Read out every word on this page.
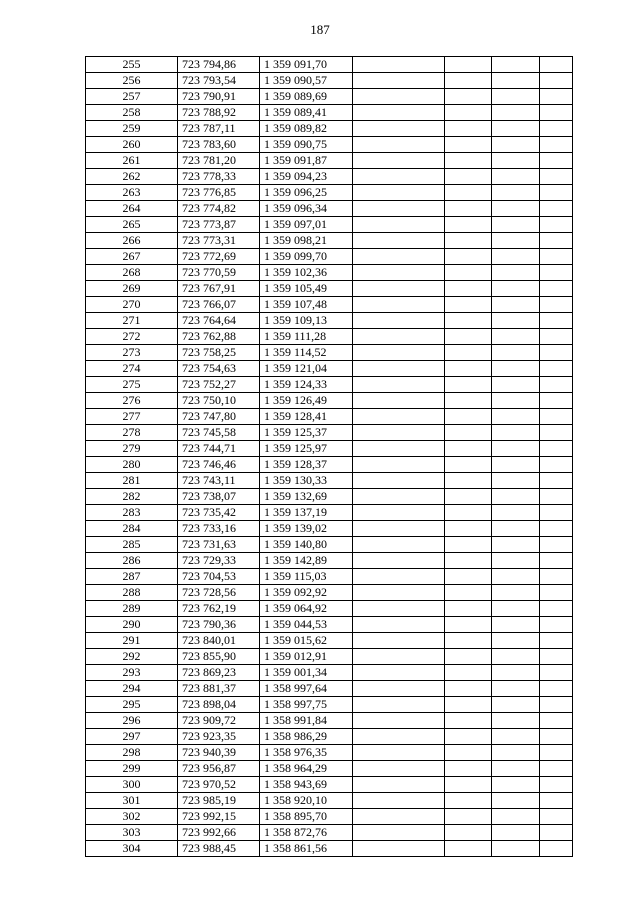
187
255	723 794,86	1 359 091,70				
256	723 793,54	1 359 090,57				
257	723 790,91	1 359 089,69				
258	723 788,92	1 359 089,41				
259	723 787,11	1 359 089,82				
260	723 783,60	1 359 090,75				
261	723 781,20	1 359 091,87				
262	723 778,33	1 359 094,23				
263	723 776,85	1 359 096,25				
264	723 774,82	1 359 096,34				
265	723 773,87	1 359 097,01				
266	723 773,31	1 359 098,21				
267	723 772,69	1 359 099,70				
268	723 770,59	1 359 102,36				
269	723 767,91	1 359 105,49				
270	723 766,07	1 359 107,48				
271	723 764,64	1 359 109,13				
272	723 762,88	1 359 111,28				
273	723 758,25	1 359 114,52				
274	723 754,63	1 359 121,04				
275	723 752,27	1 359 124,33				
276	723 750,10	1 359 126,49				
277	723 747,80	1 359 128,41				
278	723 745,58	1 359 125,37				
279	723 744,71	1 359 125,97				
280	723 746,46	1 359 128,37				
281	723 743,11	1 359 130,33				
282	723 738,07	1 359 132,69				
283	723 735,42	1 359 137,19				
284	723 733,16	1 359 139,02				
285	723 731,63	1 359 140,80				
286	723 729,33	1 359 142,89				
287	723 704,53	1 359 115,03				
288	723 728,56	1 359 092,92				
289	723 762,19	1 359 064,92				
290	723 790,36	1 359 044,53				
291	723 840,01	1 359 015,62				
292	723 855,90	1 359 012,91				
293	723 869,23	1 359 001,34				
294	723 881,37	1 358 997,64				
295	723 898,04	1 358 997,75				
296	723 909,72	1 358 991,84				
297	723 923,35	1 358 986,29				
298	723 940,39	1 358 976,35				
299	723 956,87	1 358 964,29				
300	723 970,52	1 358 943,69				
301	723 985,19	1 358 920,10				
302	723 992,15	1 358 895,70				
303	723 992,66	1 358 872,76				
304	723 988,45	1 358 861,56				
